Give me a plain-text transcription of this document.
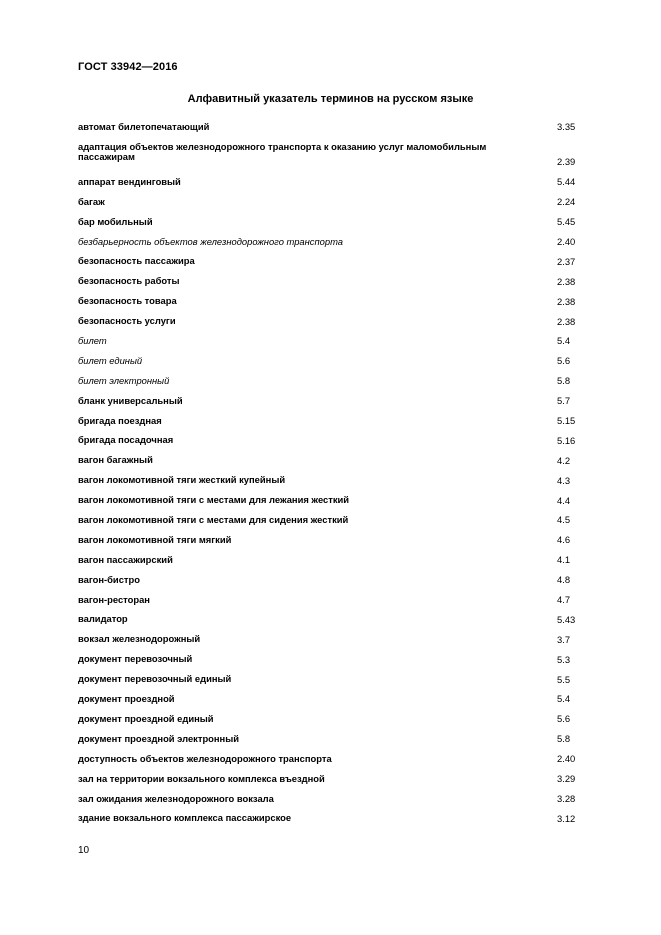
ГОСТ 33942—2016
Алфавитный указатель терминов на русском языке
автомат билетопечатающий	3.35
адаптация объектов железнодорожного транспорта к оказанию услуг маломобильным пассажирам	2.39
аппарат вендинговый	5.44
багаж	2.24
бар мобильный	5.45
безбарьерность объектов железнодорожного транспорта	2.40
безопасность пассажира	2.37
безопасность работы	2.38
безопасность товара	2.38
безопасность услуги	2.38
билет	5.4
билет единый	5.6
билет электронный	5.8
бланк универсальный	5.7
бригада поездная	5.15
бригада посадочная	5.16
вагон багажный	4.2
вагон локомотивной тяги жесткий купейный	4.3
вагон локомотивной тяги с местами для лежания жесткий	4.4
вагон локомотивной тяги с местами для сидения жесткий	4.5
вагон локомотивной тяги мягкий	4.6
вагон пассажирский	4.1
вагон-бистро	4.8
вагон-ресторан	4.7
валидатор	5.43
вокзал железнодорожный	3.7
документ перевозочный	5.3
документ перевозочный единый	5.5
документ проездной	5.4
документ проездной единый	5.6
документ проездной электронный	5.8
доступность объектов железнодорожного транспорта	2.40
зал на территории вокзального комплекса въездной	3.29
зал ожидания железнодорожного вокзала	3.28
здание вокзального комплекса пассажирское	3.12
10
